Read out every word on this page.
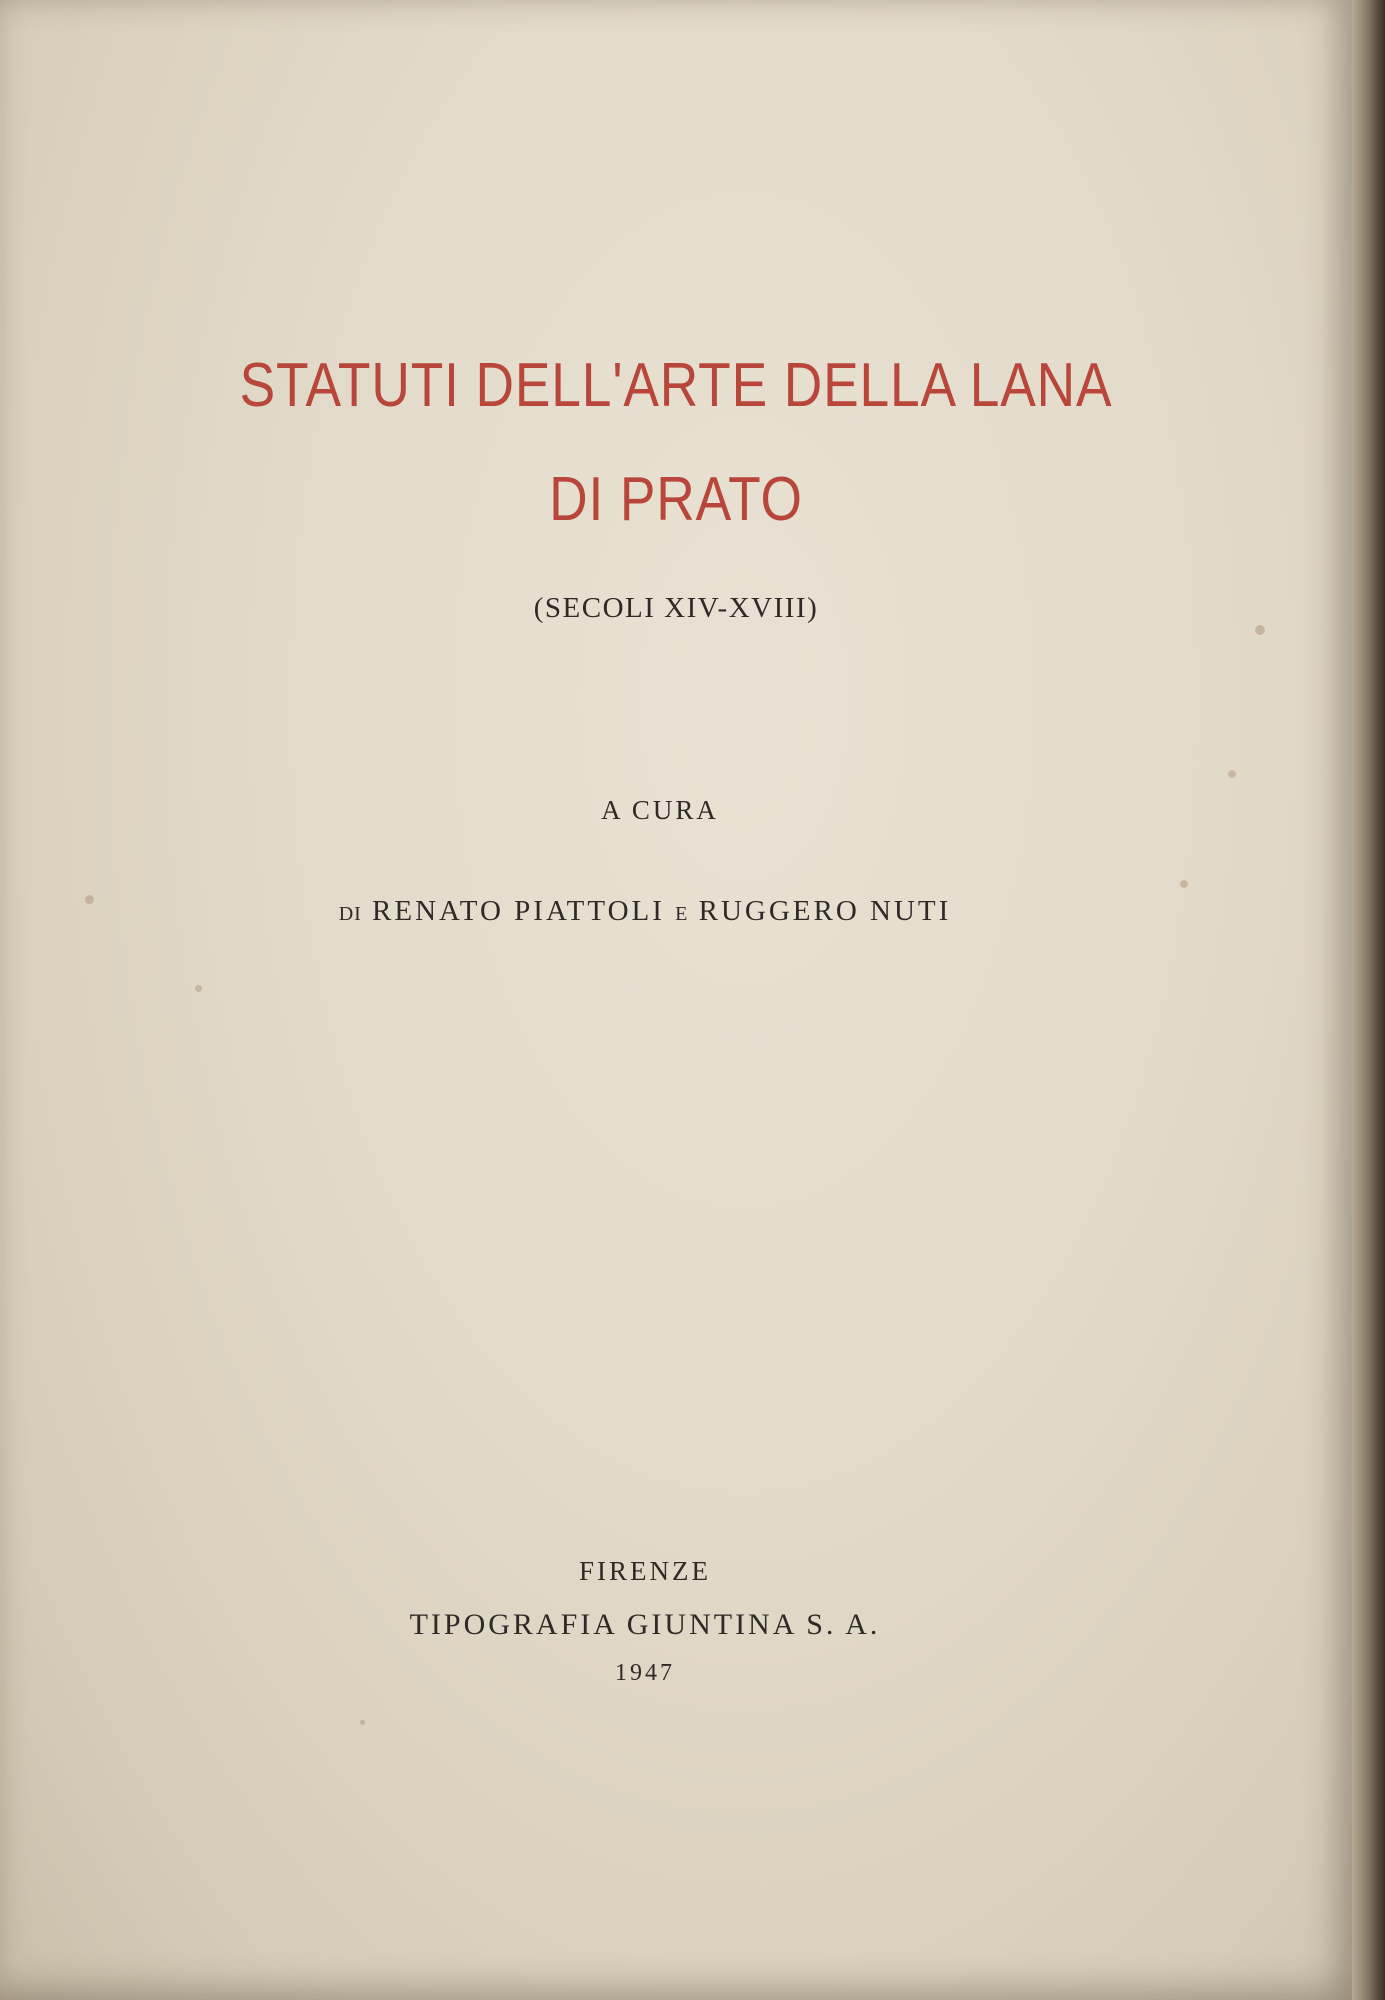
STATUTI DELL'ARTE DELLA LANA
DI PRATO
(SECOLI XIV-XVIII)
A CURA
DI RENATO PIATTOLI E RUGGERO NUTI
FIRENZE
TIPOGRAFIA GIUNTINA S. A.
1947
